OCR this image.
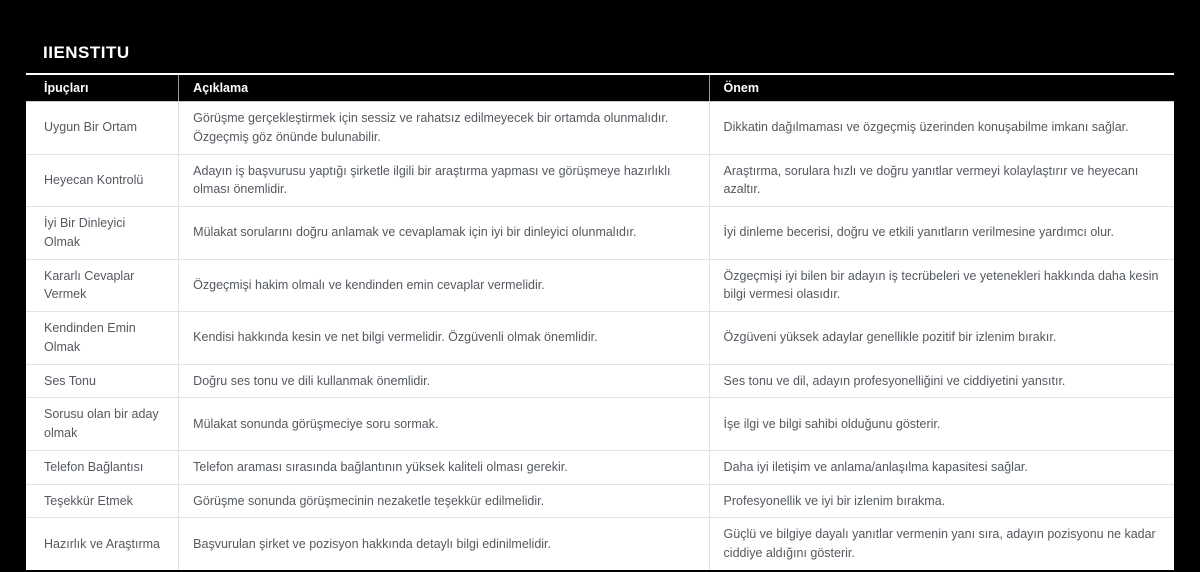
IIENSTITU
İpuçları	Açıklama	Önem
Uygun Bir Ortam	Görüşme gerçekleştirmek için sessiz ve rahatsız edilmeyecek bir ortamda olunmalıdır. Özgeçmiş göz önünde bulunabilir.	Dikkatin dağılmaması ve özgeçmiş üzerinden konuşabilme imkanı sağlar.
Heyecan Kontrolü	Adayın iş başvurusu yaptığı şirketle ilgili bir araştırma yapması ve görüşmeye hazırlıklı olması önemlidir.	Araştırma, sorulara hızlı ve doğru yanıtlar vermeyi kolaylaştırır ve heyecanı azaltır.
İyi Bir Dinleyici Olmak	Mülakat sorularını doğru anlamak ve cevaplamak için iyi bir dinleyici olunmalıdır.	İyi dinleme becerisi, doğru ve etkili yanıtların verilmesine yardımcı olur.
Kararlı Cevaplar Vermek	Özgeçmişi hakim olmalı ve kendinden emin cevaplar vermelidir.	Özgeçmişi iyi bilen bir adayın iş tecrübeleri ve yetenekleri hakkında daha kesin bilgi vermesi olasıdır.
Kendinden Emin Olmak	Kendisi hakkında kesin ve net bilgi vermelidir. Özgüvenli olmak önemlidir.	Özgüveni yüksek adaylar genellikle pozitif bir izlenim bırakır.
Ses Tonu	Doğru ses tonu ve dili kullanmak önemlidir.	Ses tonu ve dil, adayın profesyonelliğini ve ciddiyetini yansıtır.
Sorusu olan bir aday olmak	Mülakat sonunda görüşmeciye soru sormak.	İşe ilgi ve bilgi sahibi olduğunu gösterir.
Telefon Bağlantısı	Telefon araması sırasında bağlantının yüksek kaliteli olması gerekir.	Daha iyi iletişim ve anlama/anlaşılma kapasitesi sağlar.
Teşekkür Etmek	Görüşme sonunda görüşmecinin nezaketle teşekkür edilmelidir.	Profesyonellik ve iyi bir izlenim bırakma.
Hazırlık ve Araştırma	Başvurulan şirket ve pozisyon hakkında detaylı bilgi edinilmelidir.	Güçlü ve bilgiye dayalı yanıtlar vermenin yanı sıra, adayın pozisyonu ne kadar ciddiye aldığını gösterir.
